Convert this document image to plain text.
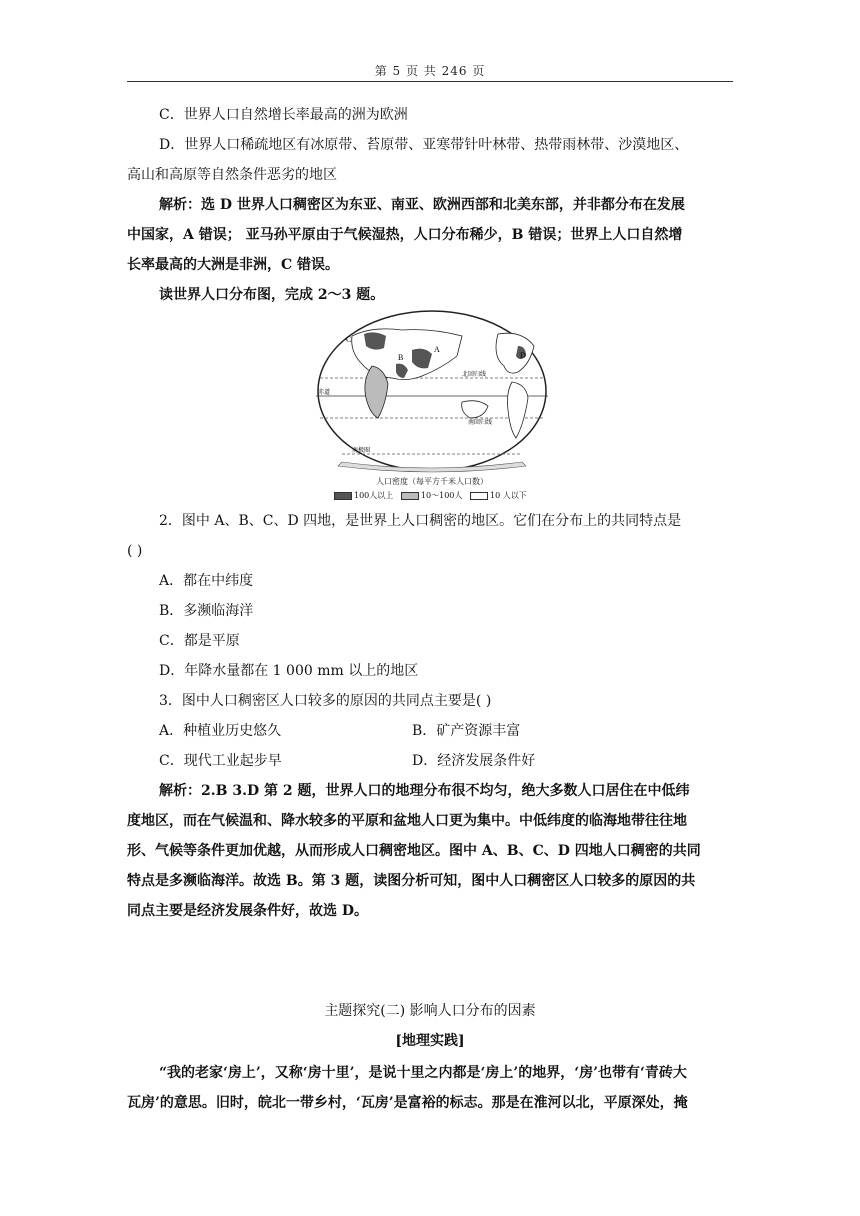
第 5 页 共 246 页
C．世界人口自然增长率最高的洲为欧洲
D．世界人口稀疏地区有冰原带、苔原带、亚寒带针叶林带、热带雨林带、沙漠地区、
高山和高原等自然条件恶劣的地区
解析：选 D 世界人口稠密区为东亚、南亚、欧洲西部和北美东部，并非都分布在发展
中国家，A 错误； 亚马孙平原由于气候湿热，人口分布稀少，B 错误；世界上人口自然增
长率最高的大洲是非洲，C 错误。
读世界人口分布图，完成 2～3 题。
C
B
A
D
北回归线
赤道
南回归线
南极圈
人口密度（每平方千米人口数）
100人以上	10～100人	10 人以下
2．图中 A、B、C、D 四地，是世界上人口稠密的地区。它们在分布上的共同特点是
( )
A．都在中纬度
B．多濒临海洋
C．都是平原
D．年降水量都在 1 000 mm 以上的地区
3．图中人口稠密区人口较多的原因的共同点主要是( )
A．种植业历史悠久	B．矿产资源丰富
C．现代工业起步早	D．经济发展条件好
解析：2.B 3.D 第 2 题，世界人口的地理分布很不均匀，绝大多数人口居住在中低纬
度地区，而在气候温和、降水较多的平原和盆地人口更为集中。中低纬度的临海地带往往地
形、气候等条件更加优越，从而形成人口稠密地区。图中 A、B、C、D 四地人口稠密的共同
特点是多濒临海洋。故选 B。第 3 题，读图分析可知，图中人口稠密区人口较多的原因的共
同点主要是经济发展条件好，故选 D。
主题探究(二) 影响人口分布的因素
[地理实践]
“我的老家‘房上’，又称‘房十里’，是说十里之内都是‘房上’的地界，‘房’也带有‘青砖大
瓦房’的意思。旧时，皖北一带乡村，‘瓦房’是富裕的标志。那是在淮河以北，平原深处，掩
